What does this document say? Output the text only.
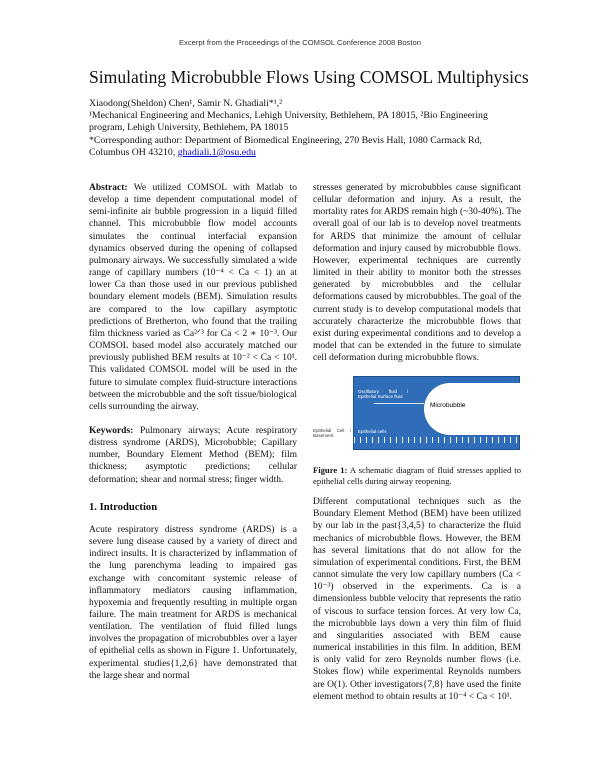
Excerpt from the Proceedings of the COMSOL Conference 2008 Boston
Simulating Microbubble Flows Using COMSOL Multiphysics

Xiaodong(Sheldon) Chen¹, Samir N. Ghadiali*¹,²

¹Mechanical Engineering and Mechanics, Lehigh University, Bethlehem, PA 18015, ²Bio Engineering program, Lehigh University, Bethlehem, PA 18015

*Corresponding author: Department of Biomedical Engineering, 270 Bevis Hall, 1080 Carmack Rd, Columbus OH 43210, ghadiali.1@osu.edu

Abstract: We utilized COMSOL with Matlab to develop a time dependent computational model of semi-infinite air bubble progression in a liquid filled channel. This microbubble flow model accounts simulates the continual interfacial expansion dynamics observed during the opening of collapsed pulmonary airways. We successfully simulated a wide range of capillary numbers (10⁻⁴ < Ca < 1) an at lower Ca than those used in our previous published boundary element models (BEM). Simulation results are compared to the low capillary asymptotic predictions of Bretherton, who found that the trailing film thickness varied as Ca²ᐟ³ for Ca < 2 ∗ 10⁻³. Our COMSOL based model also accurately matched our previously published BEM results at 10⁻² < Ca < 10¹. This validated COMSOL model will be used in the future to simulate complex fluid-structure interactions between the microbubble and the soft tissue/biological cells surrounding the airway.

Keywords: Pulmonary airways; Acute respiratory distress syndrome (ARDS), Microbubble; Capillary number, Boundary Element Method (BEM); film thickness; asymptotic predictions; cellular deformation; shear and normal stress; finger width.

1. Introduction

Acute respiratory distress syndrome (ARDS) is a severe lung disease caused by a variety of direct and indirect insults. It is characterized by inflammation of the lung parenchyma leading to impaired gas exchange with concomitant systemic release of inflammatory mediators causing inflammation, hypoxemia and frequently resulting in multiple organ failure. The main treatment for ARDS is mechanical ventilation. The ventilation of fluid filled lungs involves the propagation of microbubbles over a layer of epithelial cells as shown in Figure 1. Unfortunately, experimental studies{1,2,6} have demonstrated that the large shear and normal

stresses generated by microbubbles cause significant cellular deformation and injury. As a result, the mortality rates for ARDS remain high (~30-40%). The overall goal of our lab is to develop novel treatments for ARDS that minimize the amount of cellular deformation and injury caused by microbubble flows. However, experimental techniques are currently limited in their ability to monitor both the stresses generated by microbubbles and the cellular deformations caused by microbubbles. The goal of the current study is to develop computational models that accurately characterize the microbubble flows that exist during experimental conditions and to develop a model that can be extended in the future to simulate cell deformation during microbubble flows.

Microbubble
Oscillatory fluid / Epithelial Surface fluid
Epithelial cells
Epithelial Cell / Basement

Figure 1: A schematic diagram of fluid stresses applied to epithelial cells during airway reopening.

Different computational techniques such as the Boundary Element Method (BEM) have been utilized by our lab in the past{3,4,5} to characterize the fluid mechanics of microbubble flows. However, the BEM has several limitations that do not allow for the simulation of experimental conditions. First, the BEM cannot simulate the very low capillary numbers (Ca < 10⁻³) observed in the experiments. Ca is a dimensionless bubble velocity that represents the ratio of viscous to surface tension forces. At very low Ca, the microbubble lays down a very thin film of fluid and singularities associated with BEM cause numerical instabilities in this film. In addition, BEM is only valid for zero Reynolds number flows (i.e. Stokes flow) while experimental Reynolds numbers are O(1). Other investigators{7,8} have used the finite element method to obtain results at 10⁻⁴ < Ca < 10¹.
